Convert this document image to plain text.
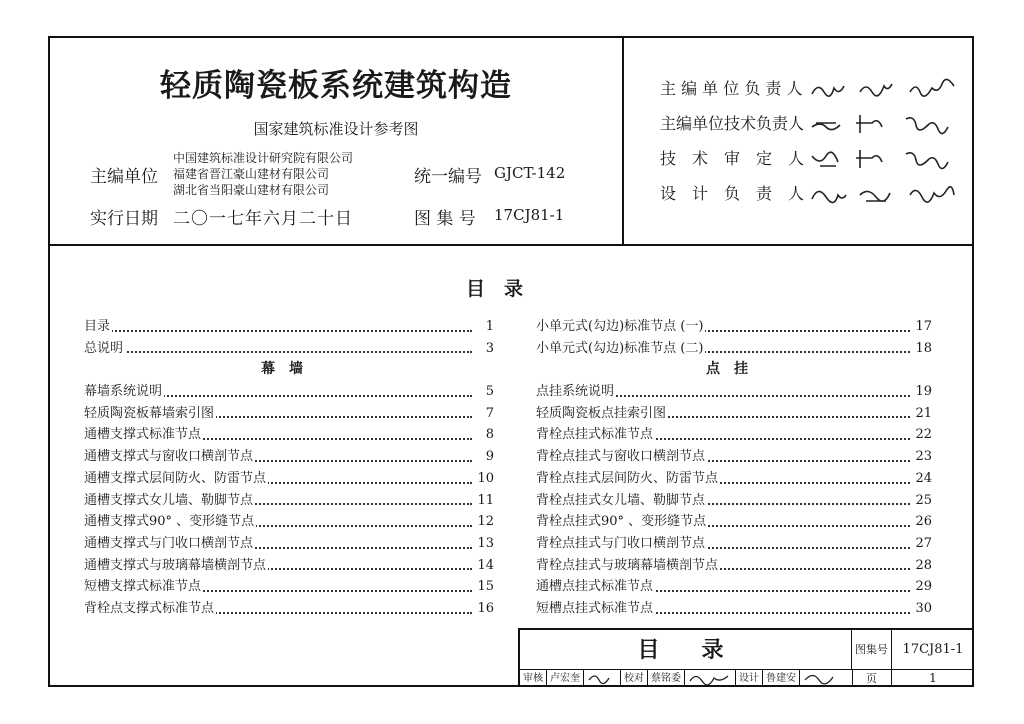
轻质陶瓷板系统建筑构造
国家建筑标准设计参考图
主编单位
中国建筑标准设计研究院有限公司
福建省晋江豪山建材有限公司
湖北省当阳豪山建材有限公司
统一编号 GJCT-142
实行日期 二〇一七年六月二十日	图 集 号 17CJ81-1
主 编 单 位 负 责 人
主编单位技术负责人
技　术　审　定　人
设　计　负　责　人
目　录
目录	1
总说明	3
幕墙
幕墙系统说明	5
轻质陶瓷板幕墙索引图	7
通槽支撑式标准节点	8
通槽支撑式与窗收口横剖节点	9
通槽支撑式层间防火、防雷节点	10
通槽支撑式女儿墙、勒脚节点	11
通槽支撑式90° 、变形缝节点	12
通槽支撑式与门收口横剖节点	13
通槽支撑式与玻璃幕墙横剖节点	14
短槽支撑式标准节点	15
背栓点支撑式标准节点	16
小单元式(勾边)标准节点 (一)	17
小单元式(勾边)标准节点 (二)	18
点挂
点挂系统说明	19
轻质陶瓷板点挂索引图	21
背栓点挂式标准节点	22
背栓点挂式与窗收口横剖节点	23
背栓点挂式层间防火、防雷节点	24
背栓点挂式女儿墙、勒脚节点	25
背栓点挂式90° 、变形缝节点	26
背栓点挂式与门收口横剖节点	27
背栓点挂式与玻璃幕墙横剖节点	28
通槽点挂式标准节点	29
短槽点挂式标准节点	30
目　录	图集号	17CJ81-1
页	1
审核 卢宏奎	校对 蔡铭委	设计 鲁建安
